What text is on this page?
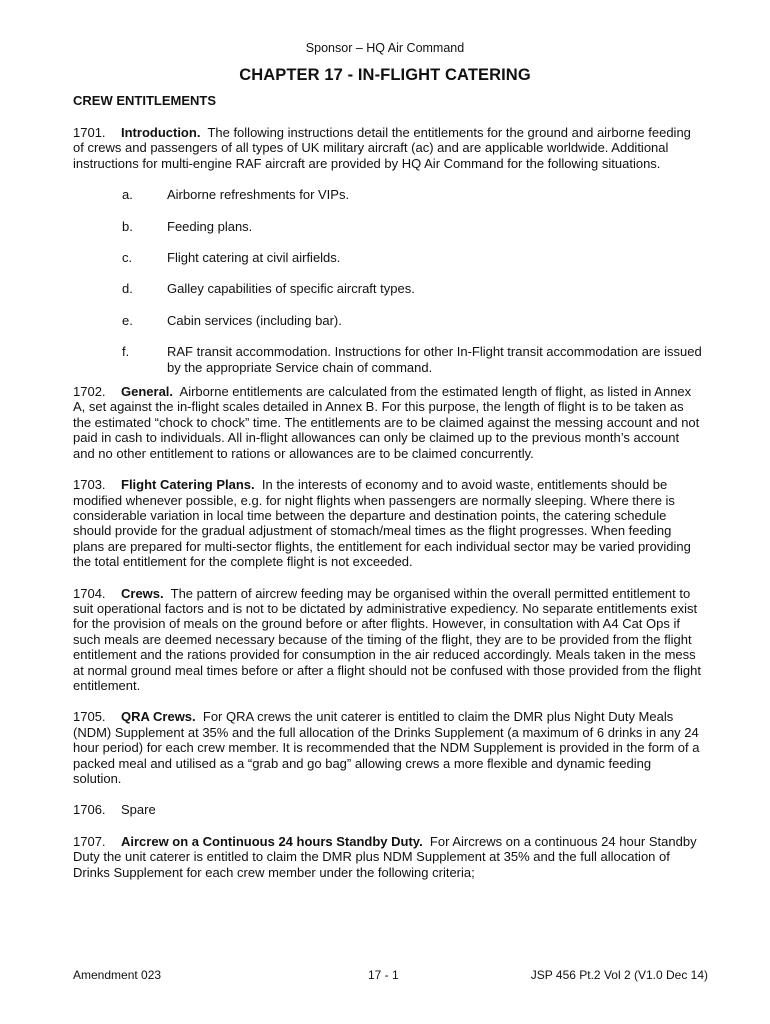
Sponsor – HQ Air Command
CHAPTER 17 - IN-FLIGHT CATERING
CREW ENTITLEMENTS

1701. Introduction. The following instructions detail the entitlements for the ground and airborne feeding of crews and passengers of all types of UK military aircraft (ac) and are applicable worldwide. Additional instructions for multi-engine RAF aircraft are provided by HQ Air Command for the following situations.

a.	Airborne refreshments for VIPs.
b.	Feeding plans.
c.	Flight catering at civil airfields.
d.	Galley capabilities of specific aircraft types.
e.	Cabin services (including bar).
f.	RAF transit accommodation. Instructions for other In-Flight transit accommodation are issued by the appropriate Service chain of command.

1702. General. Airborne entitlements are calculated from the estimated length of flight, as listed in Annex A, set against the in-flight scales detailed in Annex B. For this purpose, the length of flight is to be taken as the estimated “chock to chock” time. The entitlements are to be claimed against the messing account and not paid in cash to individuals. All in-flight allowances can only be claimed up to the previous month’s account and no other entitlement to rations or allowances are to be claimed concurrently.

1703. Flight Catering Plans. In the interests of economy and to avoid waste, entitlements should be modified whenever possible, e.g. for night flights when passengers are normally sleeping. Where there is considerable variation in local time between the departure and destination points, the catering schedule should provide for the gradual adjustment of stomach/meal times as the flight progresses. When feeding plans are prepared for multi-sector flights, the entitlement for each individual sector may be varied providing the total entitlement for the complete flight is not exceeded.

1704. Crews. The pattern of aircrew feeding may be organised within the overall permitted entitlement to suit operational factors and is not to be dictated by administrative expediency. No separate entitlements exist for the provision of meals on the ground before or after flights. However, in consultation with A4 Cat Ops if such meals are deemed necessary because of the timing of the flight, they are to be provided from the flight entitlement and the rations provided for consumption in the air reduced accordingly. Meals taken in the mess at normal ground meal times before or after a flight should not be confused with those provided from the flight entitlement.

1705. QRA Crews. For QRA crews the unit caterer is entitled to claim the DMR plus Night Duty Meals (NDM) Supplement at 35% and the full allocation of the Drinks Supplement (a maximum of 6 drinks in any 24 hour period) for each crew member. It is recommended that the NDM Supplement is provided in the form of a packed meal and utilised as a “grab and go bag” allowing crews a more flexible and dynamic feeding solution.

1706. Spare

1707. Aircrew on a Continuous 24 hours Standby Duty. For Aircrews on a continuous 24 hour Standby Duty the unit caterer is entitled to claim the DMR plus NDM Supplement at 35% and the full allocation of Drinks Supplement for each crew member under the following criteria;

Amendment 023	17 - 1	JSP 456 Pt.2 Vol 2 (V1.0 Dec 14)
